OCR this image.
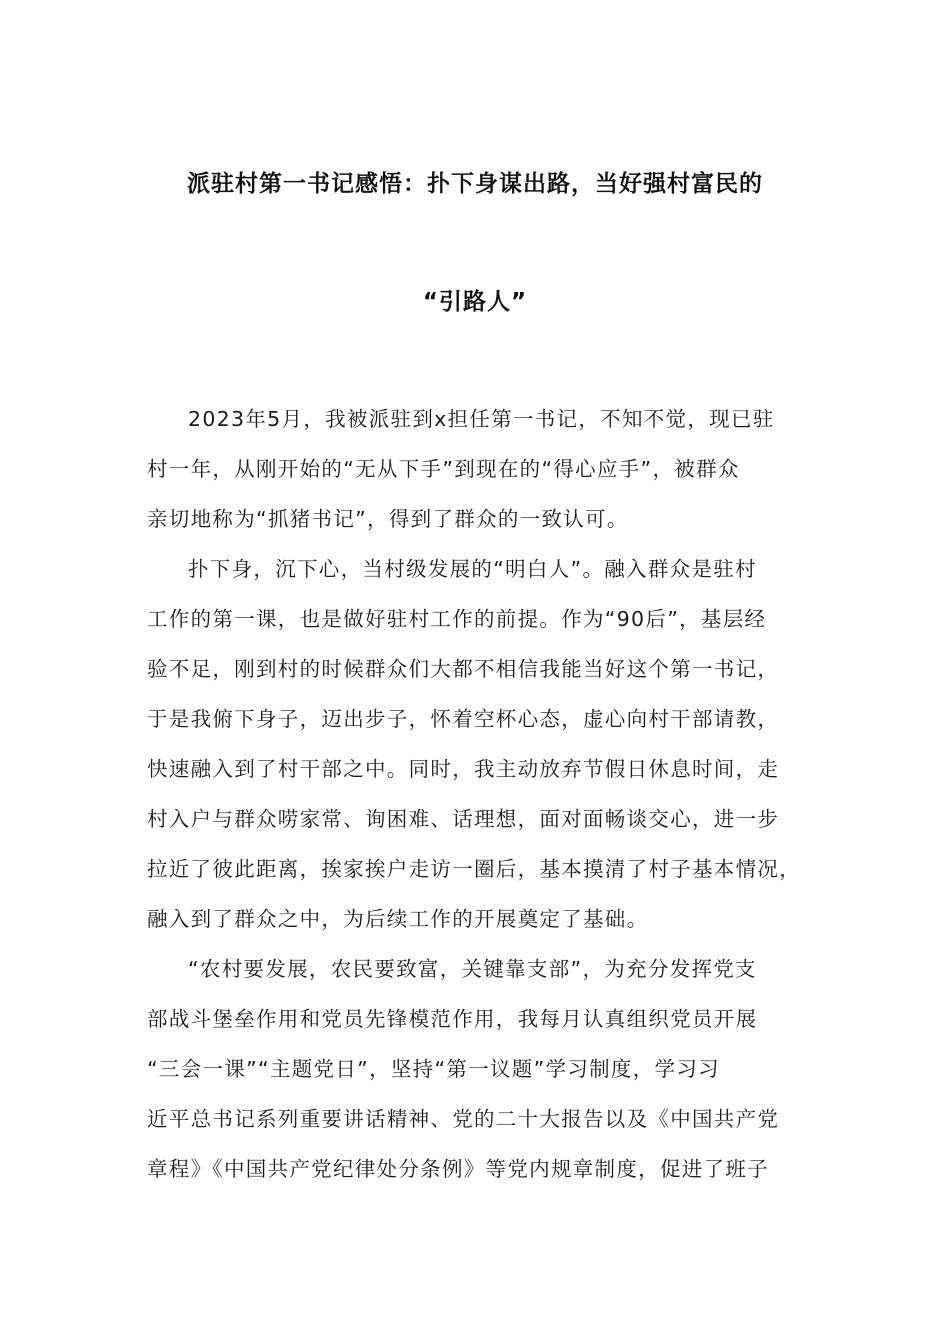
派驻村第一书记感悟：扑下身谋出路，当好强村富民的
“引路人”
2023年5月，我被派驻到x担任第一书记，不知不觉，现已驻
村一年，从刚开始的“无从下手”到现在的“得心应手”，被群众
亲切地称为“抓猪书记”，得到了群众的一致认可。
扑下身，沉下心，当村级发展的“明白人”。融入群众是驻村
工作的第一课，也是做好驻村工作的前提。作为“90后”，基层经
验不足，刚到村的时候群众们大都不相信我能当好这个第一书记，
于是我俯下身子，迈出步子，怀着空杯心态，虚心向村干部请教，
快速融入到了村干部之中。同时，我主动放弃节假日休息时间，走
村入户与群众唠家常、询困难、话理想，面对面畅谈交心，进一步
拉近了彼此距离，挨家挨户走访一圈后，基本摸清了村子基本情况，
融入到了群众之中，为后续工作的开展奠定了基础。
“农村要发展，农民要致富，关键靠支部”，为充分发挥党支
部战斗堡垒作用和党员先锋模范作用，我每月认真组织党员开展
“三会一课”“主题党日”，坚持“第一议题”学习制度，学习习
近平总书记系列重要讲话精神、党的二十大报告以及《中国共产党
章程》《中国共产党纪律处分条例》等党内规章制度，促进了班子
